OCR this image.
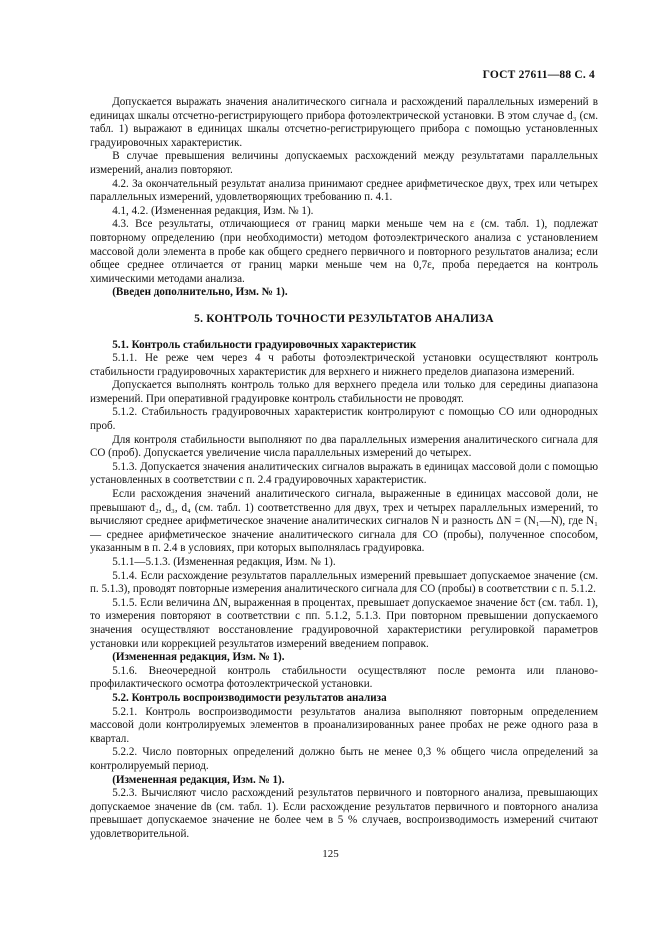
ГОСТ 27611—88 С. 4

Допускается выражать значения аналитического сигнала и расхождений параллельных измерений в единицах шкалы отсчетно-регистрирующего прибора фотоэлектрической установки. В этом случае d₃ (см. табл. 1) выражают в единицах шкалы отсчетно-регистрирующего прибора с помощью установленных градуировочных характеристик.

В случае превышения величины допускаемых расхождений между результатами параллельных измерений, анализ повторяют.

4.2. За окончательный результат анализа принимают среднее арифметическое двух, трех или четырех параллельных измерений, удовлетворяющих требованию п. 4.1.

4.1, 4.2. (Измененная редакция, Изм. № 1).

4.3. Все результаты, отличающиеся от границ марки меньше чем на ε (см. табл. 1), подлежат повторному определению (при необходимости) методом фотоэлектрического анализа с установлением массовой доли элемента в пробе как общего среднего первичного и повторного результатов анализа; если общее среднее отличается от границ марки меньше чем на 0,7ε, проба передается на контроль химическими методами анализа.

(Введен дополнительно, Изм. № 1).

5. КОНТРОЛЬ ТОЧНОСТИ РЕЗУЛЬТАТОВ АНАЛИЗА

5.1. Контроль стабильности градуировочных характеристик

5.1.1. Не реже чем через 4 ч работы фотоэлектрической установки осуществляют контроль стабильности градуировочных характеристик для верхнего и нижнего пределов диапазона измерений.

Допускается выполнять контроль только для верхнего предела или только для середины диапазона измерений. При оперативной градуировке контроль стабильности не проводят.

5.1.2. Стабильность градуировочных характеристик контролируют с помощью СО или однородных проб.

Для контроля стабильности выполняют по два параллельных измерения аналитического сигнала для СО (проб). Допускается увеличение числа параллельных измерений до четырех.

5.1.3. Допускается значения аналитических сигналов выражать в единицах массовой доли с помощью установленных в соответствии с п. 2.4 градуировочных характеристик.

Если расхождения значений аналитического сигнала, выраженные в единицах массовой доли, не превышают d₂, d₃, d₄ (см. табл. 1) соответственно для двух, трех и четырех параллельных измерений, то вычисляют среднее арифметическое значение аналитических сигналов N и разность ΔN = (N₁—N), где N₁ — среднее арифметическое значение аналитического сигнала для СО (пробы), полученное способом, указанным в п. 2.4 в условиях, при которых выполнялась градуировка.

5.1.1—5.1.3. (Измененная редакция, Изм. № 1).

5.1.4. Если расхождение результатов параллельных измерений превышает допускаемое значение (см. п. 5.1.3), проводят повторные измерения аналитического сигнала для СО (пробы) в соответствии с п. 5.1.2.

5.1.5. Если величина ΔN, выраженная в процентах, превышает допускаемое значение δст (см. табл. 1), то измерения повторяют в соответствии с пп. 5.1.2, 5.1.3. При повторном превышении допускаемого значения осуществляют восстановление градуировочной характеристики регулировкой параметров установки или коррекцией результатов измерений введением поправок.

(Измененная редакция, Изм. № 1).

5.1.6. Внеочередной контроль стабильности осуществляют после ремонта или планово-профилактического осмотра фотоэлектрической установки.

5.2. Контроль воспроизводимости результатов анализа

5.2.1. Контроль воспроизводимости результатов анализа выполняют повторным определением массовой доли контролируемых элементов в проанализированных ранее пробах не реже одного раза в квартал.

5.2.2. Число повторных определений должно быть не менее 0,3 % общего числа определений за контролируемый период.

(Измененная редакция, Изм. № 1).

5.2.3. Вычисляют число расхождений результатов первичного и повторного анализа, превышающих допускаемое значение dв (см. табл. 1). Если расхождение результатов первичного и повторного анализа превышает допускаемое значение не более чем в 5 % случаев, воспроизводимость измерений считают удовлетворительной.

125
